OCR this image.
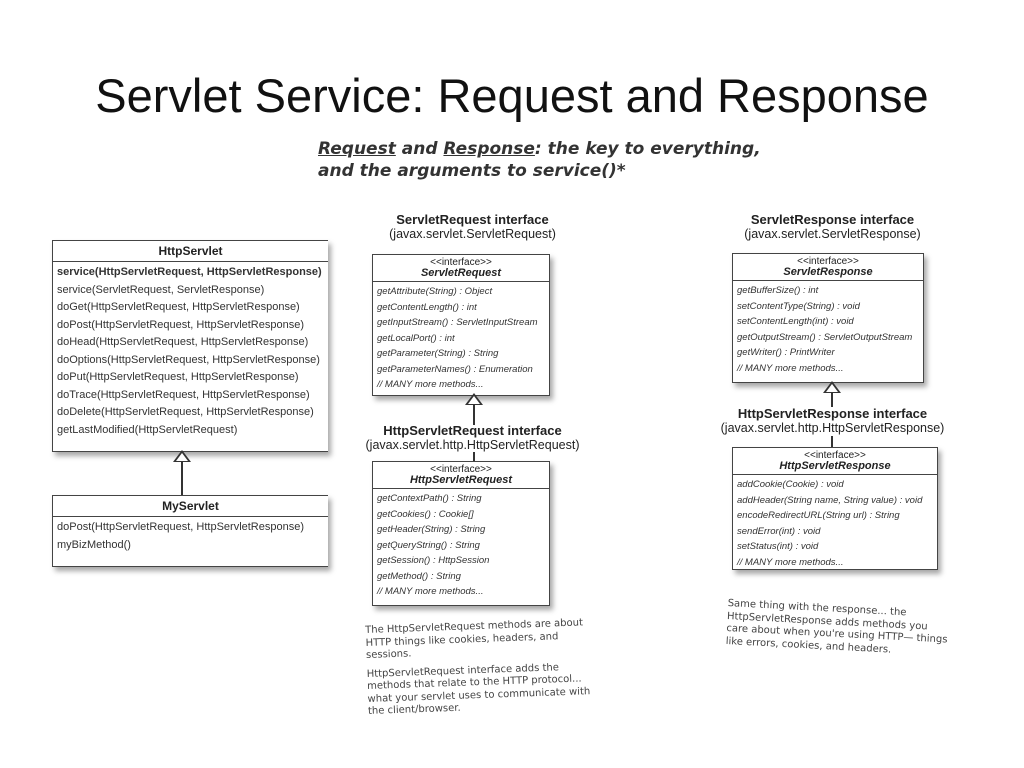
Servlet Service: Request and Response
Request and Response: the key to everything,
and the arguments to service()*
HttpServlet
service(HttpServletRequest, HttpServletResponse)
service(ServletRequest, ServletResponse)
doGet(HttpServletRequest, HttpServletResponse)
doPost(HttpServletRequest, HttpServletResponse)
doHead(HttpServletRequest, HttpServletResponse)
doOptions(HttpServletRequest, HttpServletResponse)
doPut(HttpServletRequest, HttpServletResponse)
doTrace(HttpServletRequest, HttpServletResponse)
doDelete(HttpServletRequest, HttpServletResponse)
getLastModified(HttpServletRequest)
MyServlet
doPost(HttpServletRequest, HttpServletResponse)
myBizMethod()
ServletRequest interface
(javax.servlet.ServletRequest)
<<interface>>
ServletRequest
getAttribute(String) : Object
getContentLength() : int
getInputStream() : ServletInputStream
getLocalPort() : int
getParameter(String) : String
getParameterNames() : Enumeration
// MANY more methods...
HttpServletRequest interface
(javax.servlet.http.HttpServletRequest)
<<interface>>
HttpServletRequest
getContextPath() : String
getCookies() : Cookie[]
getHeader(String) : String
getQueryString() : String
getSession() : HttpSession
getMethod() : String
// MANY more methods...

The HttpServletRequest methods are about HTTP things like cookies, headers, and sessions.

HttpServletRequest interface adds the methods that relate to the HTTP protocol... what your servlet uses to communicate with the client/browser.

ServletResponse interface
(javax.servlet.ServletResponse)
<<interface>>
ServletResponse
getBufferSize() : int
setContentType(String) : void
setContentLength(int) : void
getOutputStream() : ServletOutputStream
getWriter() : PrintWriter
// MANY more methods...
HttpServletResponse interface
(javax.servlet.http.HttpServletResponse)
<<interface>>
HttpServletResponse
addCookie(Cookie) : void
addHeader(String name, String value) : void
encodeRedirectURL(String url) : String
sendError(int) : void
setStatus(int) : void
// MANY more methods...

Same thing with the response... the HttpServletResponse adds methods you care about when you're using HTTP— things like errors, cookies, and headers.
